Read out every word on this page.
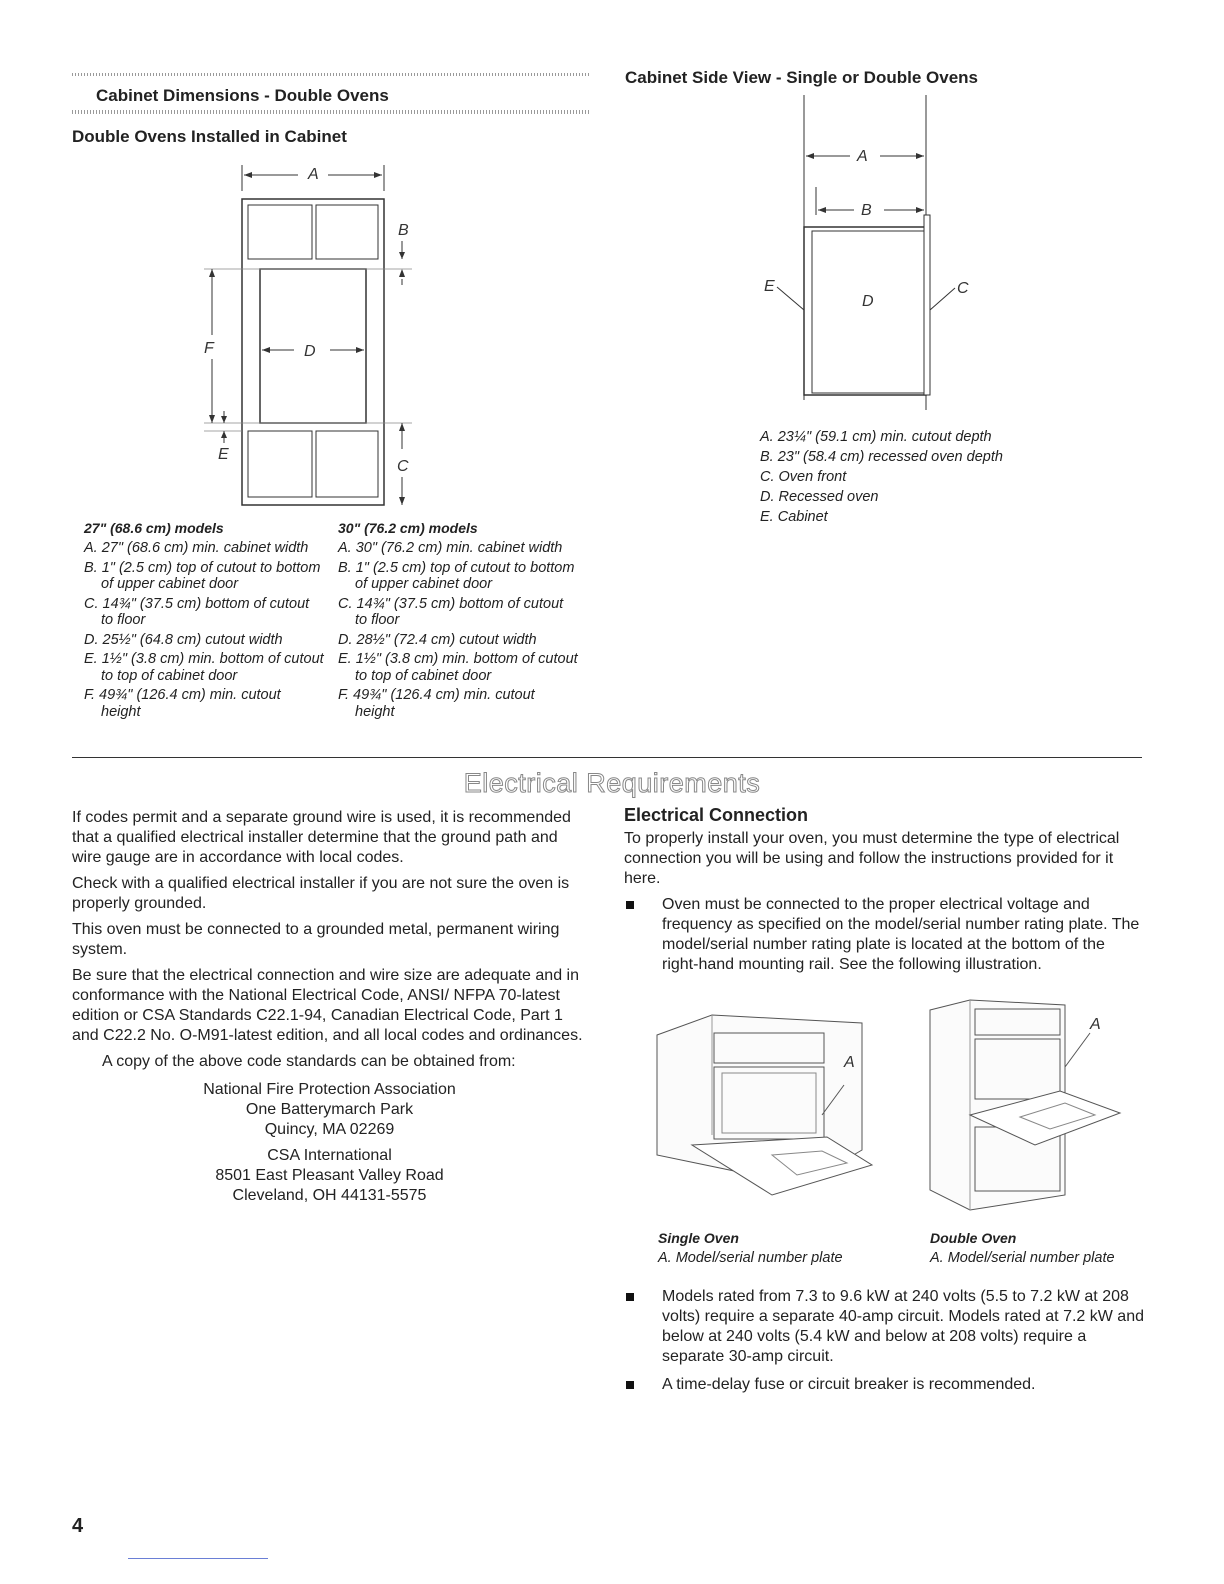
Cabinet Dimensions - Double Ovens
Double Ovens Installed in Cabinet
A
B
F
E
D
C
27" (68.6 cm) models
A. 27" (68.6 cm) min. cabinet width
B. 1" (2.5 cm) top of cutout to bottom of upper cabinet door
C. 14¾" (37.5 cm) bottom of cutout to floor
D. 25½" (64.8 cm) cutout width
E. 1½" (3.8 cm) min. bottom of cutout to top of cabinet door
F. 49¾" (126.4 cm) min. cutout height
30" (76.2 cm) models
A. 30" (76.2 cm) min. cabinet width
B. 1" (2.5 cm) top of cutout to bottom of upper cabinet door
C. 14¾" (37.5 cm) bottom of cutout to floor
D. 28½" (72.4 cm) cutout width
E. 1½" (3.8 cm) min. bottom of cutout to top of cabinet door
F. 49¾" (126.4 cm) min. cutout height
Cabinet Side View - Single or Double Ovens
A
B
D
E	C
A. 23¼" (59.1 cm) min. cutout depth
B. 23" (58.4 cm) recessed oven depth
C. Oven front
D. Recessed oven
E. Cabinet
Electrical Requirements

If codes permit and a separate ground wire is used, it is recommended that a qualified electrical installer determine that the ground path and wire gauge are in accordance with local codes.

Check with a qualified electrical installer if you are not sure the oven is properly grounded.

This oven must be connected to a grounded metal, permanent wiring system.

Be sure that the electrical connection and wire size are adequate and in conformance with the National Electrical Code, ANSI/ NFPA 70-latest edition or CSA Standards C22.1-94, Canadian Electrical Code, Part 1 and C22.2 No. O-M91-latest edition, and all local codes and ordinances.

A copy of the above code standards can be obtained from:

National Fire Protection Association
One Batterymarch Park
Quincy, MA 02269
CSA International
8501 East Pleasant Valley Road
Cleveland, OH 44131-5575
Electrical Connection
To properly install your oven, you must determine the type of electrical connection you will be using and follow the instructions provided for it here.
Oven must be connected to the proper electrical voltage and frequency as specified on the model/serial number rating plate. The model/serial number rating plate is located at the bottom of the right-hand mounting rail. See the following illustration.
A
Single Oven
A. Model/serial number plate
A
Double Oven
A. Model/serial number plate
Models rated from 7.3 to 9.6 kW at 240 volts (5.5 to 7.2 kW at 208 volts) require a separate 40-amp circuit. Models rated at 7.2 kW and below at 240 volts (5.4 kW and below at 208 volts) require a separate 30-amp circuit.
A time-delay fuse or circuit breaker is recommended.
4
